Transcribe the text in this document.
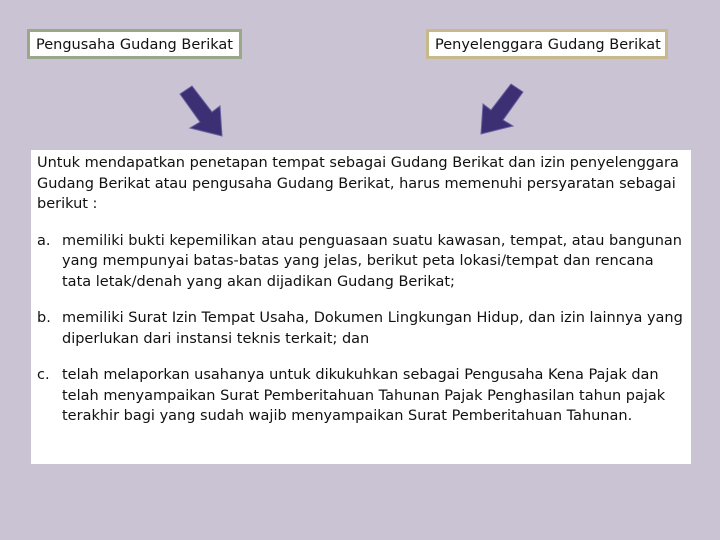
Pengusaha Gudang Berikat	Penyelenggara Gudang Berikat

Untuk mendapatkan penetapan tempat sebagai Gudang Berikat dan izin penyelenggara Gudang Berikat atau pengusaha Gudang Berikat, harus memenuhi persyaratan sebagai berikut :

a. memiliki bukti kepemilikan atau penguasaan suatu kawasan, tempat, atau bangunan yang mempunyai batas-batas yang jelas, berikut peta lokasi/tempat dan rencana tata letak/denah yang akan dijadikan Gudang Berikat;
b. memiliki Surat Izin Tempat Usaha, Dokumen Lingkungan Hidup, dan izin lainnya yang diperlukan dari instansi teknis terkait; dan
c. telah melaporkan usahanya untuk dikukuhkan sebagai Pengusaha Kena Pajak dan telah menyampaikan Surat Pemberitahuan Tahunan Pajak Penghasilan tahun pajak terakhir bagi yang sudah wajib menyampaikan Surat Pemberitahuan Tahunan.
